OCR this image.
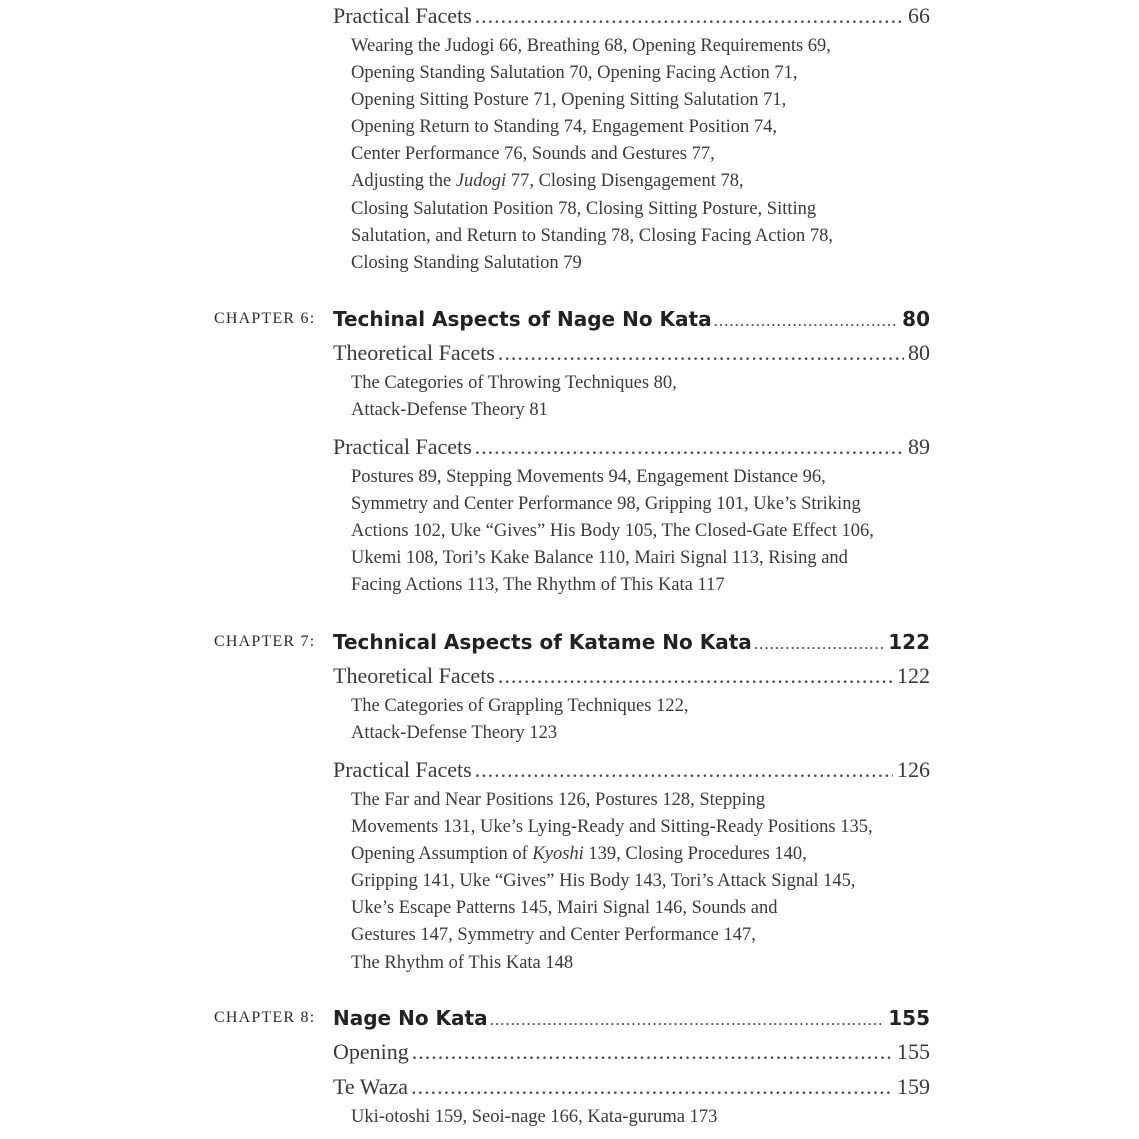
Practical Facets .....	66
Wearing the Judogi 66, Breathing 68, Opening Requirements 69,
Opening Standing Salutation 70, Opening Facing Action 71,
Opening Sitting Posture 71, Opening Sitting Salutation 71,
Opening Return to Standing 74, Engagement Position 74,
Center Performance 76, Sounds and Gestures 77,
Adjusting the Judogi 77, Closing Disengagement 78,
Closing Salutation Position 78, Closing Sitting Posture, Sitting
Salutation, and Return to Standing 78, Closing Facing Action 78,
Closing Standing Salutation 79
CHAPTER 6: Techinal Aspects of Nage No Kata .....	80
Theoretical Facets .....	80
The Categories of Throwing Techniques 80,
Attack-Defense Theory 81
Practical Facets .....	89
Postures 89, Stepping Movements 94, Engagement Distance 96,
Symmetry and Center Performance 98, Gripping 101, Uke’s Striking
Actions 102, Uke “Gives” His Body 105, The Closed-Gate Effect 106,
Ukemi 108, Tori’s Kake Balance 110, Mairi Signal 113, Rising and
Facing Actions 113, The Rhythm of This Kata 117
CHAPTER 7: Technical Aspects of Katame No Kata .....	122
Theoretical Facets .....	122
The Categories of Grappling Techniques 122,
Attack-Defense Theory 123
Practical Facets .....	126
The Far and Near Positions 126, Postures 128, Stepping
Movements 131, Uke’s Lying-Ready and Sitting-Ready Positions 135,
Opening Assumption of Kyoshi 139, Closing Procedures 140,
Gripping 141, Uke “Gives” His Body 143, Tori’s Attack Signal 145,
Uke’s Escape Patterns 145, Mairi Signal 146, Sounds and
Gestures 147, Symmetry and Center Performance 147,
The Rhythm of This Kata 148
CHAPTER 8: Nage No Kata .....	155
Opening .....	155
Te Waza .....	159
Uki-otoshi 159, Seoi-nage 166, Kata-guruma 173
